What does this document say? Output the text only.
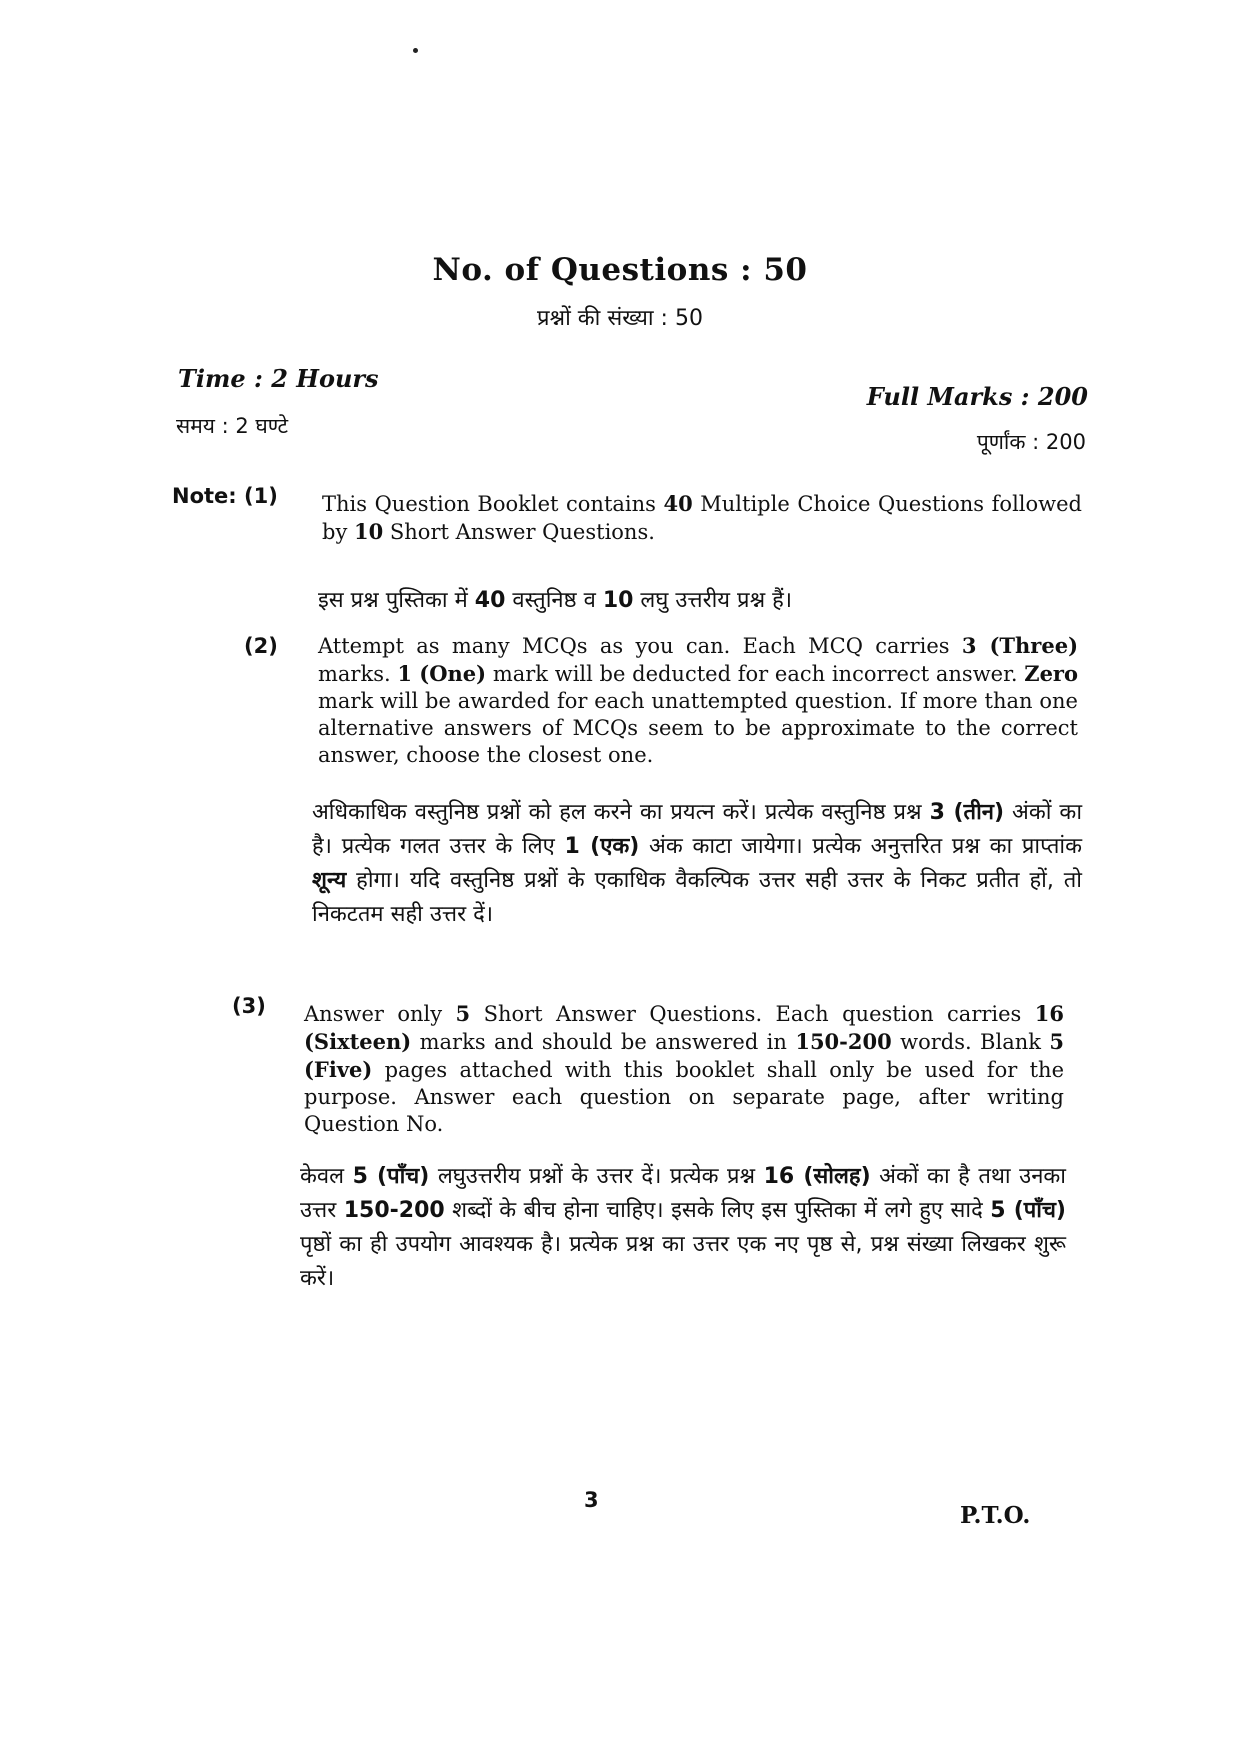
No. of Questions : 50
प्रश्नों की संख्या : 50
Time : 2 Hours
समय : 2 घण्टे
Full Marks : 200
पूर्णांक : 200
Note: (1) This Question Booklet contains 40 Multiple Choice Questions followed by 10 Short Answer Questions.
इस प्रश्न पुस्तिका में 40 वस्तुनिष्ठ व 10 लघु उत्तरीय प्रश्न हैं।
(2) Attempt as many MCQs as you can. Each MCQ carries 3 (Three) marks. 1 (One) mark will be deducted for each incorrect answer. Zero mark will be awarded for each unattempted question. If more than one alternative answers of MCQs seem to be approximate to the correct answer, choose the closest one.
अधिकाधिक वस्तुनिष्ठ प्रश्नों को हल करने का प्रयत्न करें। प्रत्येक वस्तुनिष्ठ प्रश्न 3 (तीन) अंकों का है। प्रत्येक गलत उत्तर के लिए 1 (एक) अंक काटा जायेगा। प्रत्येक अनुत्तरित प्रश्न का प्राप्तांक शून्य होगा। यदि वस्तुनिष्ठ प्रश्नों के एकाधिक वैकल्पिक उत्तर सही उत्तर के निकट प्रतीत हों, तो निकटतम सही उत्तर दें।
(3) Answer only 5 Short Answer Questions. Each question carries 16 (Sixteen) marks and should be answered in 150-200 words. Blank 5 (Five) pages attached with this booklet shall only be used for the purpose. Answer each question on separate page, after writing Question No.
केवल 5 (पाँच) लघुउत्तरीय प्रश्नों के उत्तर दें। प्रत्येक प्रश्न 16 (सोलह) अंकों का है तथा उनका उत्तर 150-200 शब्दों के बीच होना चाहिए। इसके लिए इस पुस्तिका में लगे हुए सादे 5 (पाँच) पृष्ठों का ही उपयोग आवश्यक है। प्रत्येक प्रश्न का उत्तर एक नए पृष्ठ से, प्रश्न संख्या लिखकर शुरू करें।
3
P.T.O.
